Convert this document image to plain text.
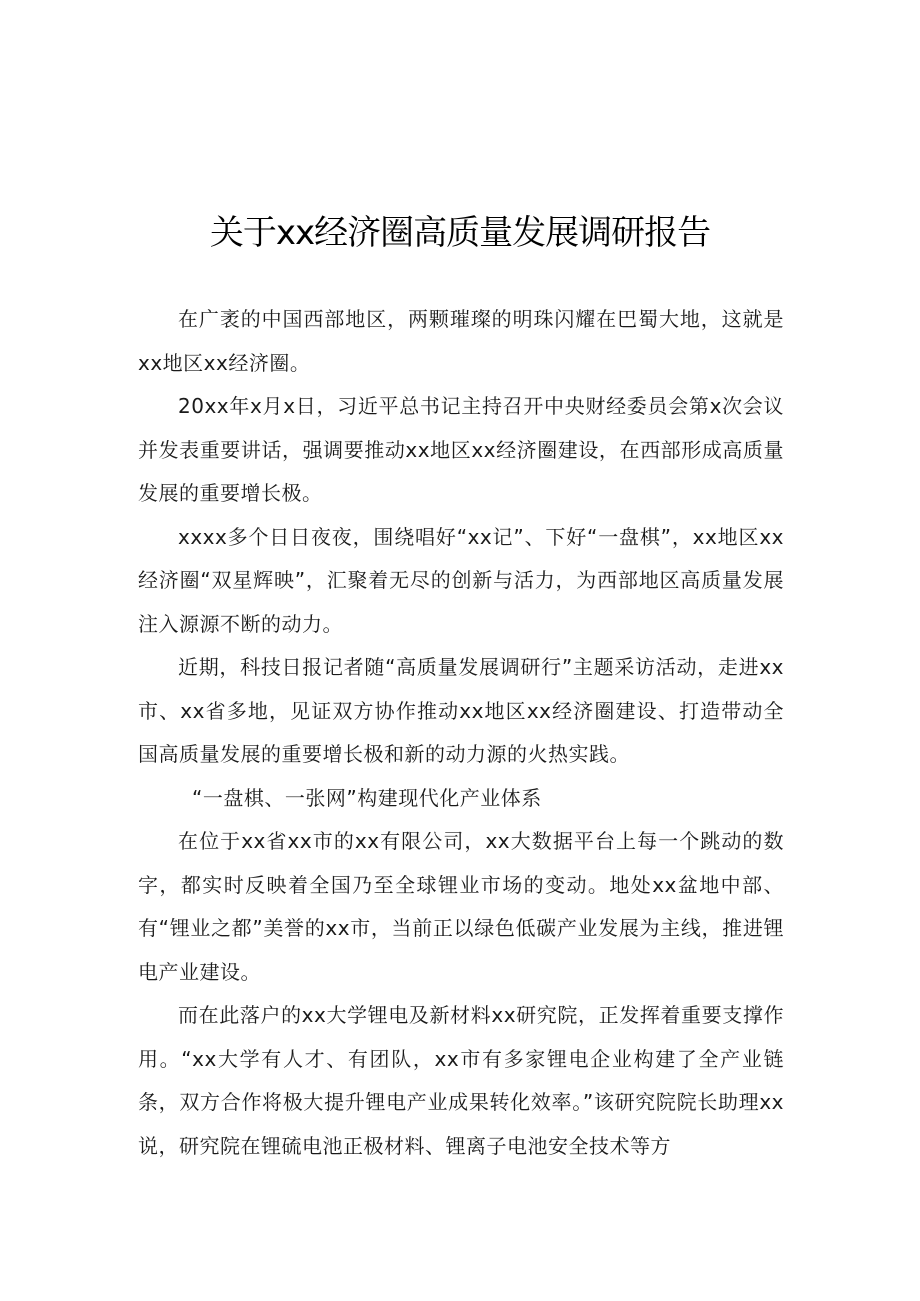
关于xx经济圈高质量发展调研报告

在广袤的中国西部地区，两颗璀璨的明珠闪耀在巴蜀大地，这就是xx地区xx经济圈。

20xx年x月x日，习近平总书记主持召开中央财经委员会第x次会议并发表重要讲话，强调要推动xx地区xx经济圈建设，在西部形成高质量发展的重要增长极。

xxxx多个日日夜夜，围绕唱好“xx记”、下好“一盘棋”，xx地区xx经济圈“双星辉映”，汇聚着无尽的创新与活力，为西部地区高质量发展注入源源不断的动力。

近期，科技日报记者随“高质量发展调研行”主题采访活动，走进xx市、xx省多地，见证双方协作推动xx地区xx经济圈建设、打造带动全国高质量发展的重要增长极和新的动力源的火热实践。

“一盘棋、一张网”构建现代化产业体系

在位于xx省xx市的xx有限公司，xx大数据平台上每一个跳动的数字，都实时反映着全国乃至全球锂业市场的变动。地处xx盆地中部、有“锂业之都”美誉的xx市，当前正以绿色低碳产业发展为主线，推进锂电产业建设。

而在此落户的xx大学锂电及新材料xx研究院，正发挥着重要支撑作用。“xx大学有人才、有团队，xx市有多家锂电企业构建了全产业链条，双方合作将极大提升锂电产业成果转化效率。”该研究院院长助理xx说，研究院在锂硫电池正极材料、锂离子电池安全技术等方
